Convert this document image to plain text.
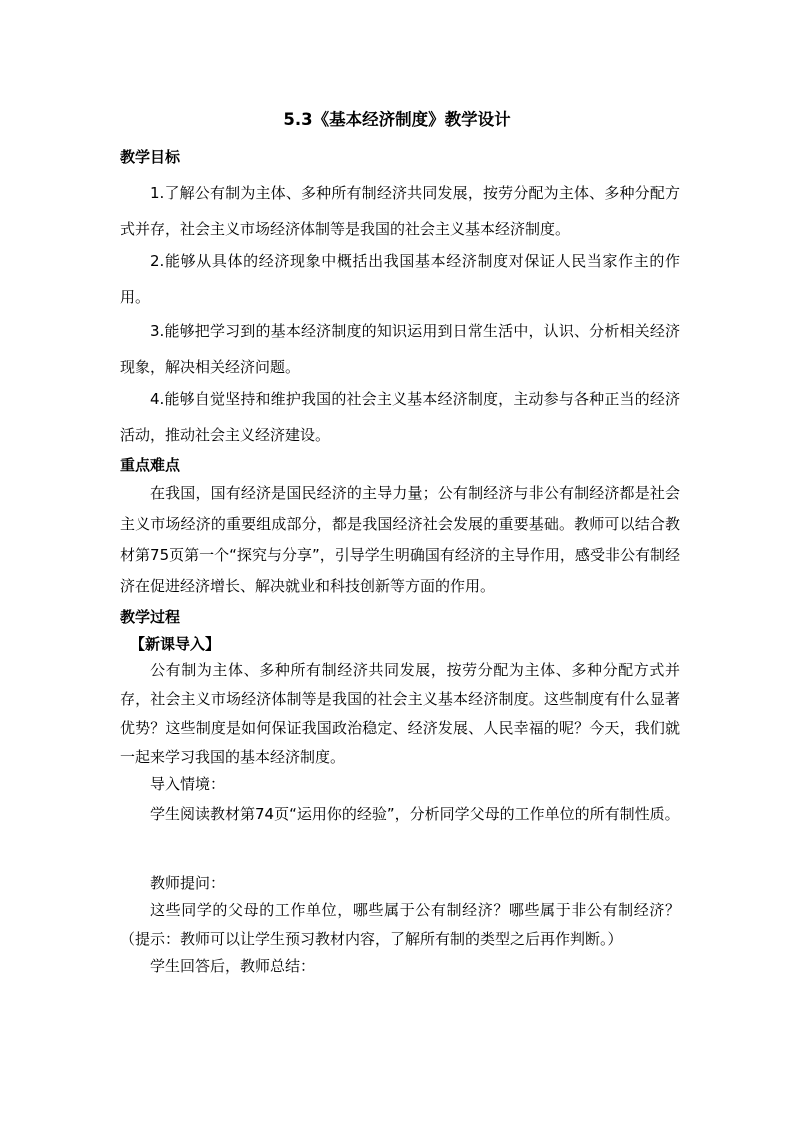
5.3《基本经济制度》教学设计
教学目标

1.了解公有制为主体、多种所有制经济共同发展，按劳分配为主体、多种分配方式并存，社会主义市场经济体制等是我国的社会主义基本经济制度。

2.能够从具体的经济现象中概括出我国基本经济制度对保证人民当家作主的作用。

3.能够把学习到的基本经济制度的知识运用到日常生活中，认识、分析相关经济现象，解决相关经济问题。

4.能够自觉坚持和维护我国的社会主义基本经济制度，主动参与各种正当的经济活动，推动社会主义经济建设。

重点难点

在我国，国有经济是国民经济的主导力量；公有制经济与非公有制经济都是社会主义市场经济的重要组成部分，都是我国经济社会发展的重要基础。教师可以结合教材第75页第一个“探究与分享”，引导学生明确国有经济的主导作用，感受非公有制经济在促进经济增长、解决就业和科技创新等方面的作用。

教学过程
【新课导入】

公有制为主体、多种所有制经济共同发展，按劳分配为主体、多种分配方式并存，社会主义市场经济体制等是我国的社会主义基本经济制度。这些制度有什么显著优势？这些制度是如何保证我国政治稳定、经济发展、人民幸福的呢？今天，我们就一起来学习我国的基本经济制度。

导入情境：

学生阅读教材第74页“运用你的经验”，分析同学父母的工作单位的所有制性质。

教师提问：

这些同学的父母的工作单位，哪些属于公有制经济？哪些属于非公有制经济？（提示：教师可以让学生预习教材内容，了解所有制的类型之后再作判断。）

学生回答后，教师总结：
